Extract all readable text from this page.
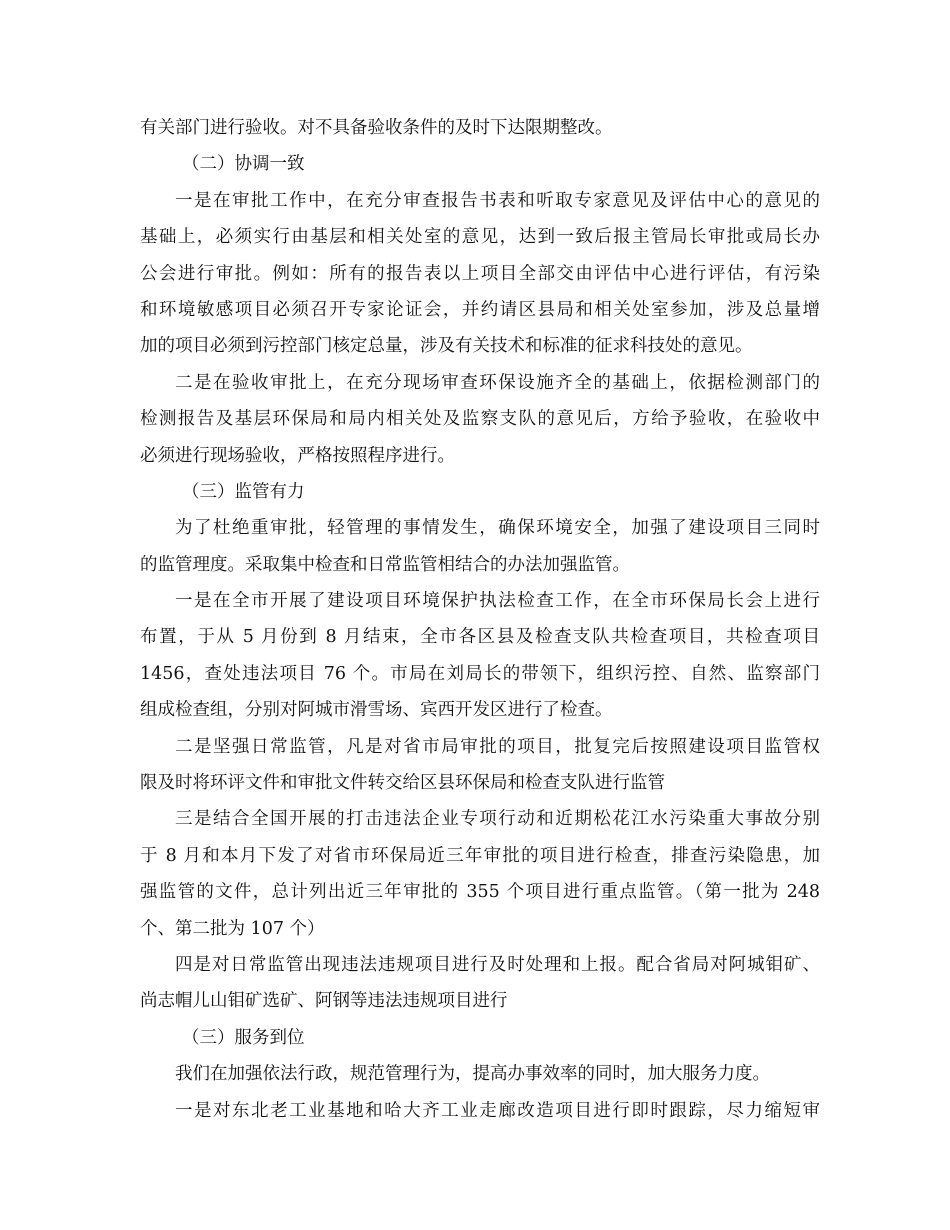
有关部门进行验收。对不具备验收条件的及时下达限期整改。
（二）协调一致
一是在审批工作中，在充分审查报告书表和听取专家意见及评估中心的意见的
基础上，必须实行由基层和相关处室的意见，达到一致后报主管局长审批或局长办
公会进行审批。例如：所有的报告表以上项目全部交由评估中心进行评估，有污染
和环境敏感项目必须召开专家论证会，并约请区县局和相关处室参加，涉及总量增
加的项目必须到污控部门核定总量，涉及有关技术和标准的征求科技处的意见。
二是在验收审批上，在充分现场审查环保设施齐全的基础上，依据检测部门的
检测报告及基层环保局和局内相关处及监察支队的意见后，方给予验收，在验收中
必须进行现场验收，严格按照程序进行。
（三）监管有力
为了杜绝重审批，轻管理的事情发生，确保环境安全，加强了建设项目三同时
的监管理度。采取集中检查和日常监管相结合的办法加强监管。
一是在全市开展了建设项目环境保护执法检查工作，在全市环保局长会上进行
布置，于从 5 月份到 8 月结束，全市各区县及检查支队共检查项目，共检查项目
1456，查处违法项目 76 个。市局在刘局长的带领下，组织污控、自然、监察部门
组成检查组，分别对阿城市滑雪场、宾西开发区进行了检查。
二是坚强日常监管，凡是对省市局审批的项目，批复完后按照建设项目监管权
限及时将环评文件和审批文件转交给区县环保局和检查支队进行监管
三是结合全国开展的打击违法企业专项行动和近期松花江水污染重大事故分别
于 8 月和本月下发了对省市环保局近三年审批的项目进行检查，排查污染隐患，加
强监管的文件，总计列出近三年审批的 355 个项目进行重点监管。（第一批为 248
个、第二批为 107 个）
四是对日常监管出现违法违规项目进行及时处理和上报。配合省局对阿城钼矿、
尚志帽儿山钼矿选矿、阿钢等违法违规项目进行
（三）服务到位
我们在加强依法行政，规范管理行为，提高办事效率的同时，加大服务力度。
一是对东北老工业基地和哈大齐工业走廊改造项目进行即时跟踪，尽力缩短审
